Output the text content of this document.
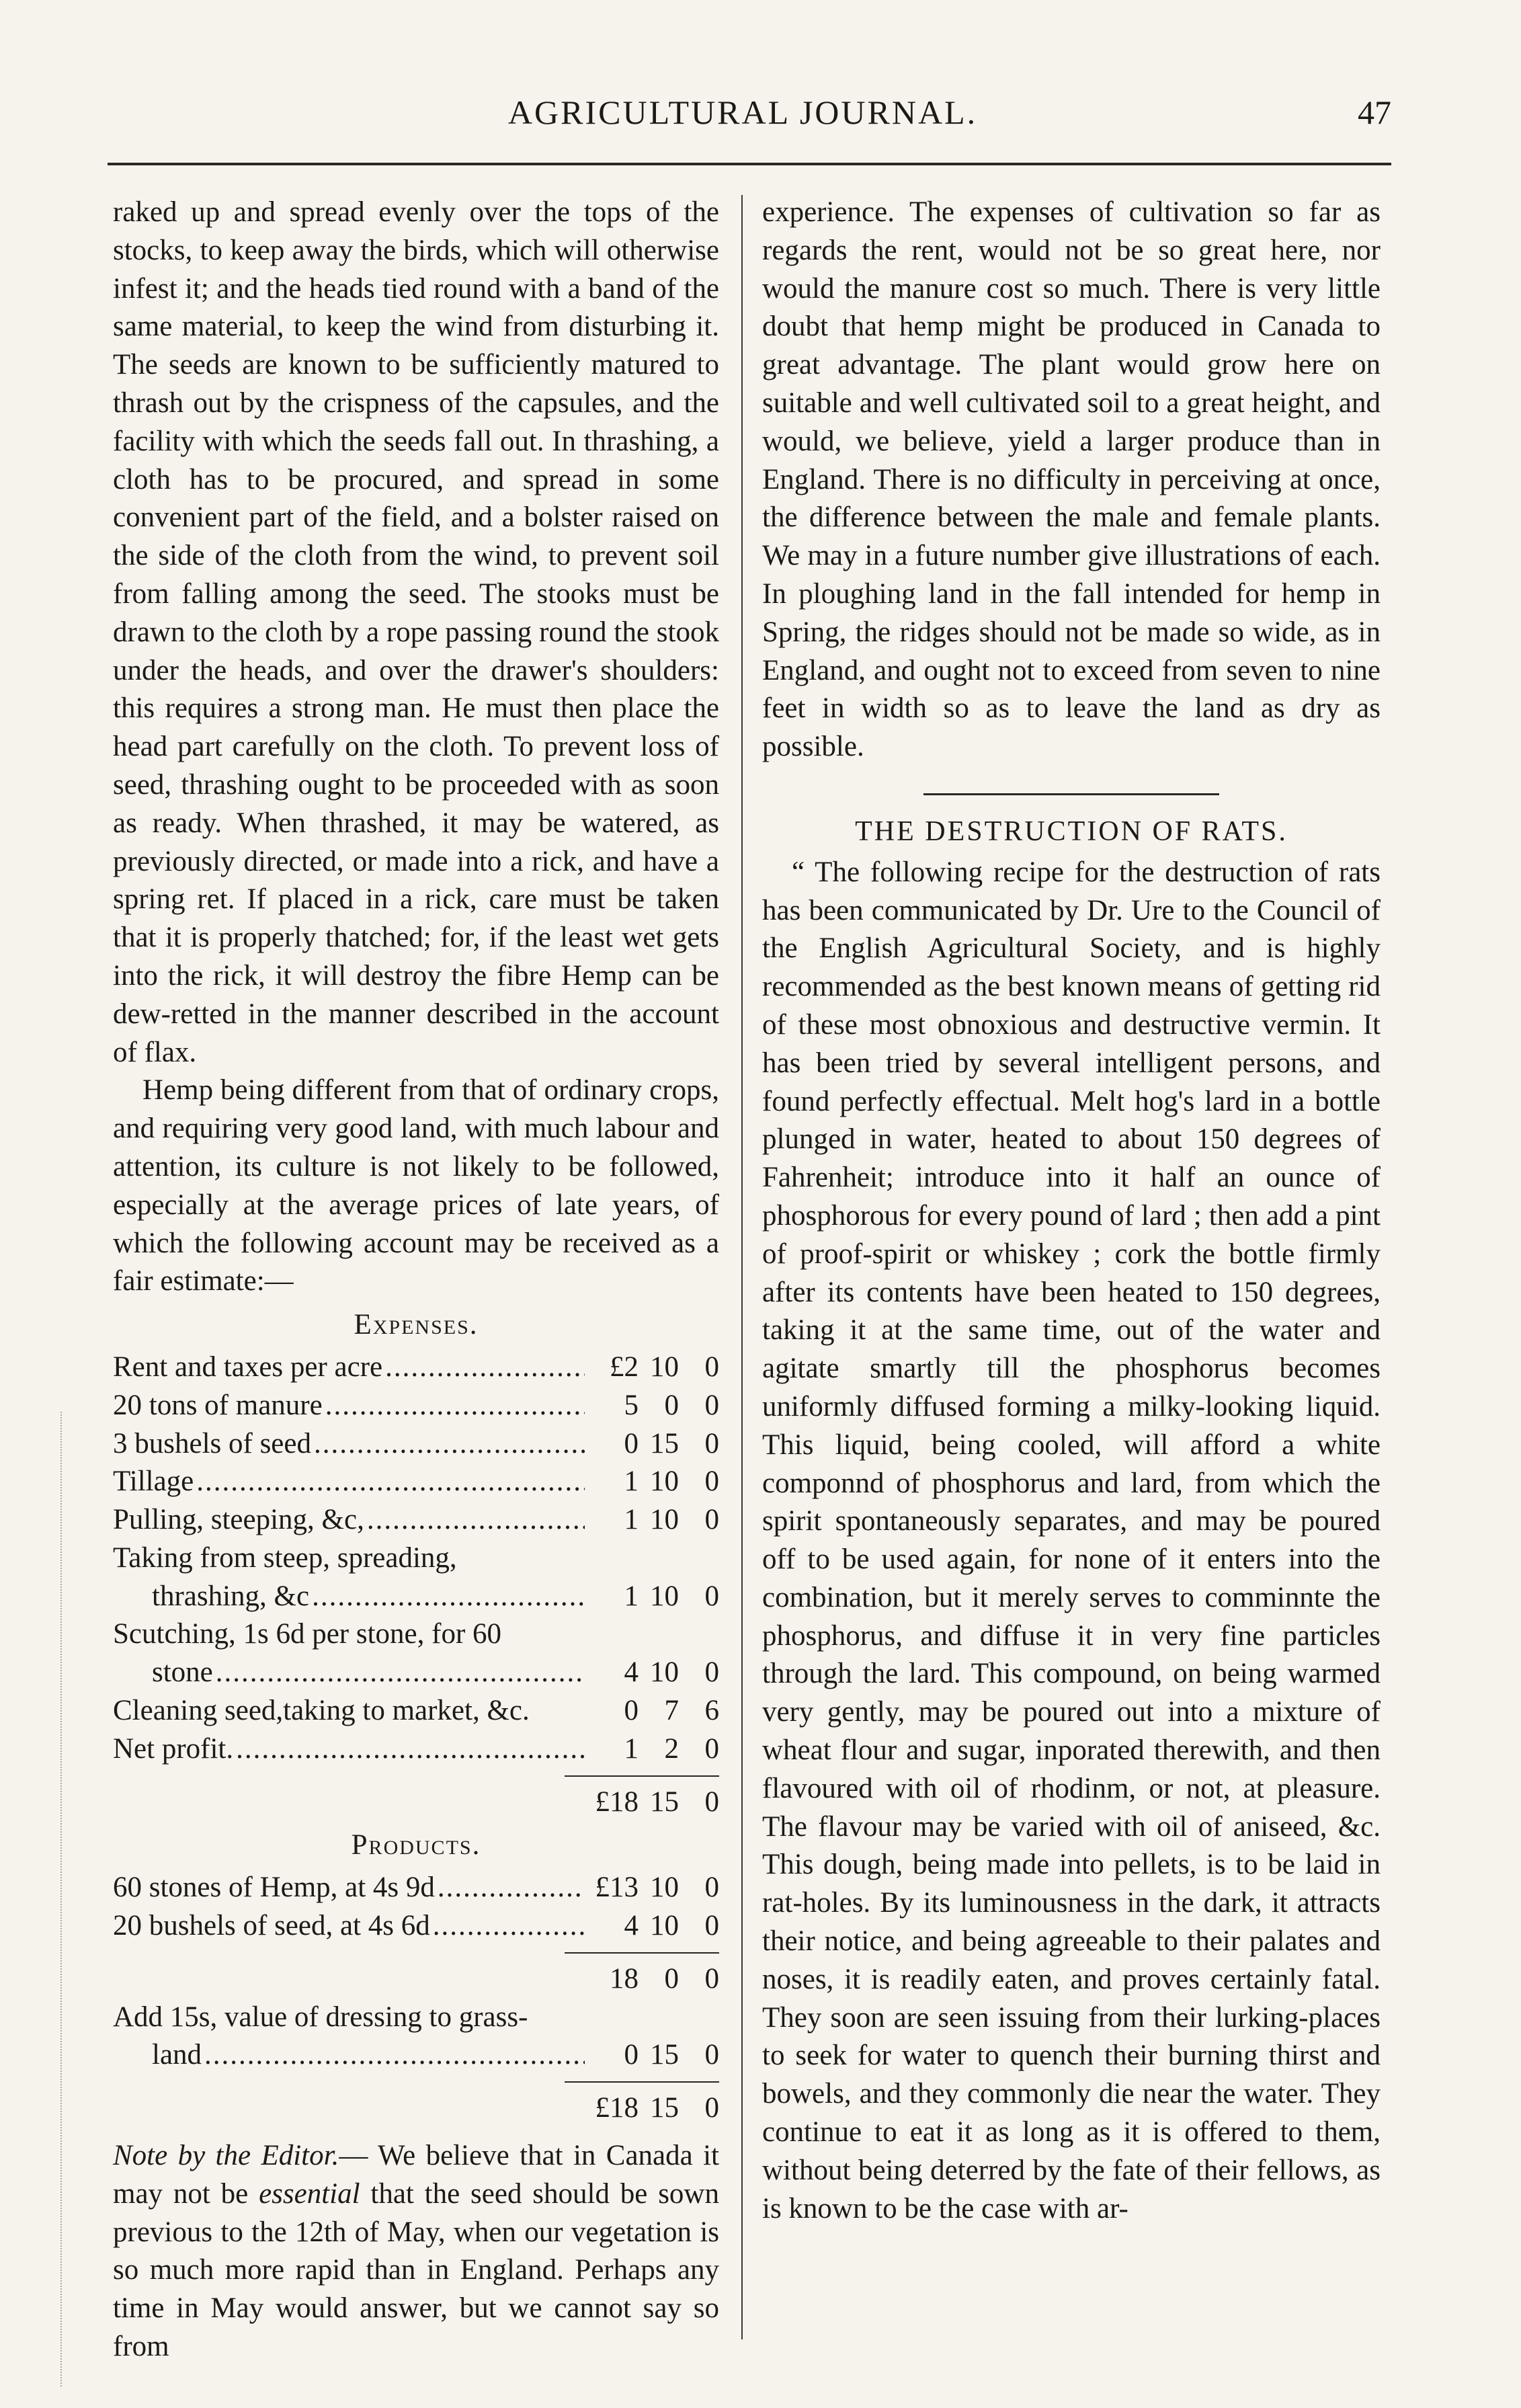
AGRICULTURAL JOURNAL.	47

raked up and spread evenly over the tops of the stocks, to keep away the birds, which will otherwise infest it; and the heads tied round with a band of the same material, to keep the wind from disturbing it. The seeds are known to be sufficiently matured to thrash out by the crispness of the capsules, and the facility with which the seeds fall out. In thrashing, a cloth has to be procured, and spread in some convenient part of the field, and a bolster raised on the side of the cloth from the wind, to prevent soil from falling among the seed. The stooks must be drawn to the cloth by a rope passing round the stook under the heads, and over the drawer's shoulders: this requires a strong man. He must then place the head part carefully on the cloth. To prevent loss of seed, thrashing ought to be proceeded with as soon as ready. When thrashed, it may be watered, as previously directed, or made into a rick, and have a spring ret. If placed in a rick, care must be taken that it is properly thatched; for, if the least wet gets into the rick, it will destroy the fibre Hemp can be dew-retted in the manner described in the account of flax.

Hemp being different from that of ordinary crops, and requiring very good land, with much labour and attention, its culture is not likely to be followed, especially at the average prices of late years, of which the following account may be received as a fair estimate:—

Expenses.
Rent and taxes per acre .....	£2 10 0
20 tons of manure .....	5 0 0
3 bushels of seed .....	0 15 0
Tillage .....	1 10 0
Pulling, steeping, &c, .....	1 10 0
Taking from steep, spreading,
thrashing, &c .....	1 10 0
Scutching, 1s 6d per stone, for 60
stone .....	4 10 0
Cleaning seed,taking to market, &c.	0 7 6
Net profit. .....	1 2 0
£18 15 0
Products.
60 stones of Hemp, at 4s 9d .....	£13 10 0
20 bushels of seed, at 4s 6d .....	4 10 0
18 0 0
Add 15s, value of dressing to grass-
land .....	0 15 0
£18 15 0

Note by the Editor.— We believe that in Canada it may not be essential that the seed should be sown previous to the 12th of May, when our vegetation is so much more rapid than in England. Perhaps any time in May would answer, but we cannot say so from

experience. The expenses of cultivation so far as regards the rent, would not be so great here, nor would the manure cost so much. There is very little doubt that hemp might be produced in Canada to great advantage. The plant would grow here on suitable and well cultivated soil to a great height, and would, we believe, yield a larger produce than in England. There is no difficulty in perceiving at once, the difference between the male and female plants. We may in a future number give illustrations of each. In ploughing land in the fall intended for hemp in Spring, the ridges should not be made so wide, as in England, and ought not to exceed from seven to nine feet in width so as to leave the land as dry as possible.

THE DESTRUCTION OF RATS.

“ The following recipe for the destruction of rats has been communicated by Dr. Ure to the Council of the English Agricultural Society, and is highly recommended as the best known means of getting rid of these most obnoxious and destructive vermin. It has been tried by several intelligent persons, and found perfectly effectual. Melt hog's lard in a bottle plunged in water, heated to about 150 degrees of Fahrenheit; introduce into it half an ounce of phosphorous for every pound of lard ; then add a pint of proof-spirit or whiskey ; cork the bottle firmly after its contents have been heated to 150 degrees, taking it at the same time, out of the water and agitate smartly till the phosphorus becomes uniformly diffused forming a milky-looking liquid. This liquid, being cooled, will afford a white componnd of phosphorus and lard, from which the spirit spontaneously separates, and may be poured off to be used again, for none of it enters into the combination, but it merely serves to comminnte the phosphorus, and diffuse it in very fine particles through the lard. This compound, on being warmed very gently, may be poured out into a mixture of wheat flour and sugar, inporated therewith, and then flavoured with oil of rhodinm, or not, at pleasure. The flavour may be varied with oil of aniseed, &c. This dough, being made into pellets, is to be laid in rat-holes. By its luminousness in the dark, it attracts their notice, and being agreeable to their palates and noses, it is readily eaten, and proves certainly fatal. They soon are seen issuing from their lurking-places to seek for water to quench their burning thirst and bowels, and they commonly die near the water. They continue to eat it as long as it is offered to them, without being deterred by the fate of their fellows, as is known to be the case with ar-
